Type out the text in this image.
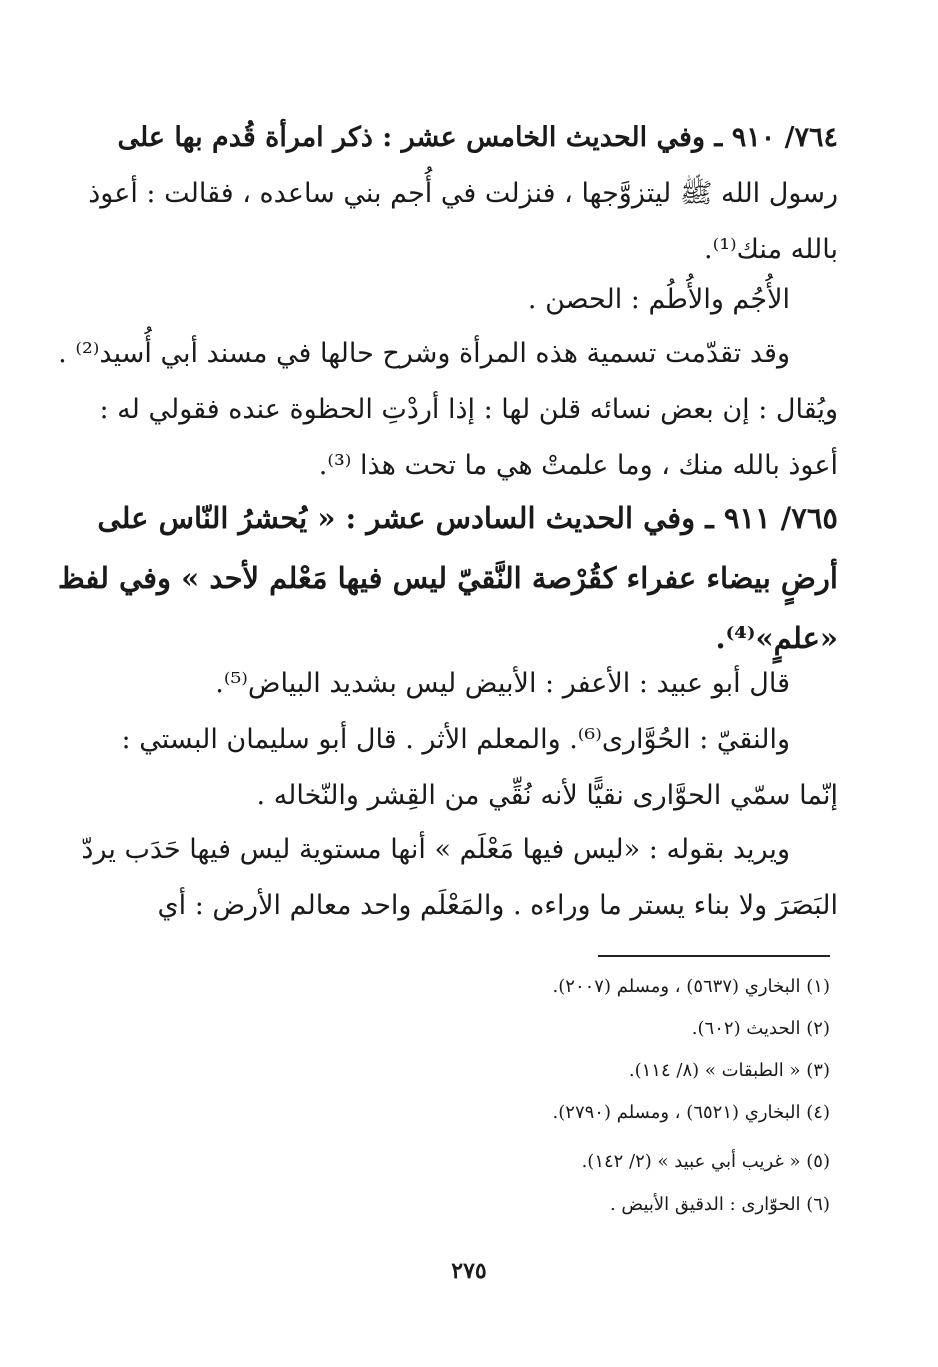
٧٦٤/ ٩١٠ ـ وفي الحديث الخامس عشر : ذكر امرأة قُدم بها على
رسول الله ﷺ ليتزوَّجها ، فنزلت في أُجم بني ساعده ، فقالت : أعوذ
بالله منك⁽¹⁾.
الأُجُم والأُطُم : الحصن .
وقد تقدّمت تسمية هذه المرأة وشرح حالها في مسند أبي أُسيد⁽²⁾ .
ويُقال : إن بعض نسائه قلن لها : إذا أردْتِ الحظوة عنده فقولي له :
أعوذ بالله منك ، وما علمتْ هي ما تحت هذا ⁽³⁾.
٧٦٥/ ٩١١ ـ وفي الحديث السادس عشر : « يُحشرُ النّاس على
أرضٍ بيضاء عفراء كقُرْصة النَّقيّ ليس فيها مَعْلم لأحد » وفي لفظ
«علمٍ»⁽⁴⁾.
قال أبو عبيد : الأعفر : الأبيض ليس بشديد البياض⁽⁵⁾.
والنقيّ : الحُوَّارى⁽⁶⁾. والمعلم الأثر . قال أبو سليمان البستي :
إنّما سمّي الحوَّارى نقيًّا لأنه نُقِّي من القِشر والنّخاله .
ويريد بقوله : «ليس فيها مَعْلَم » أنها مستوية ليس فيها حَدَب يردّ
البَصَرَ ولا بناء يستر ما وراءه . والمَعْلَم واحد معالم الأرض : أي
(١) البخاري (٥٦٣٧) ، ومسلم (٢٠٠٧).
(٢) الحديث (٦٠٢).
(٣) « الطبقات » (٨/ ١١٤).
(٤) البخاري (٦٥٢١) ، ومسلم (٢٧٩٠).
(٥) « غريب أبي عبيد » (٢/ ١٤٢).
(٦) الحوّارى : الدقيق الأبيض .
٢٧٥
